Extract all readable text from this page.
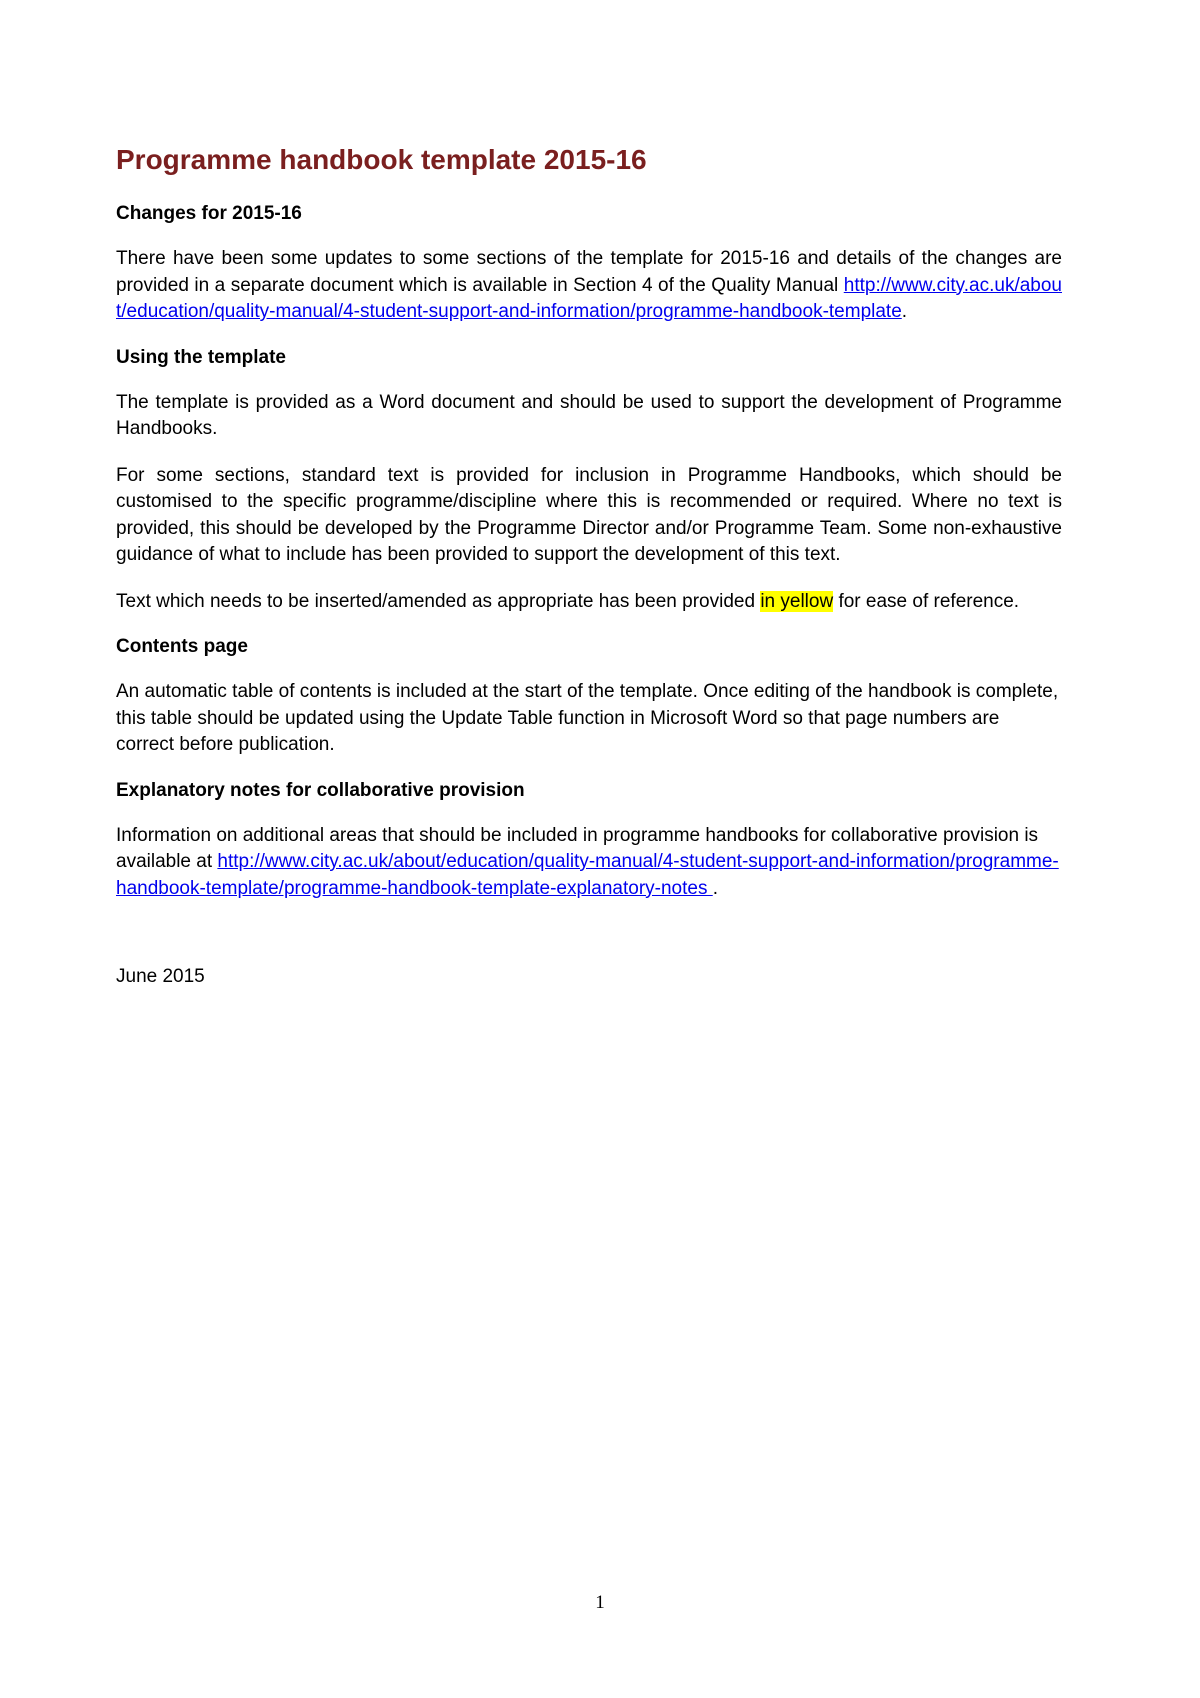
Programme handbook template 2015-16
Changes for 2015-16

There have been some updates to some sections of the template for 2015-16 and details of the changes are provided in a separate document which is available in Section 4 of the Quality Manual http://www.city.ac.uk/about/education/quality-manual/4-student-support-and-information/programme-handbook-template.

Using the template

The template is provided as a Word document and should be used to support the development of Programme Handbooks.

For some sections, standard text is provided for inclusion in Programme Handbooks, which should be customised to the specific programme/discipline where this is recommended or required. Where no text is provided, this should be developed by the Programme Director and/or Programme Team. Some non-exhaustive guidance of what to include has been provided to support the development of this text.

Text which needs to be inserted/amended as appropriate has been provided in yellow for ease of reference.

Contents page

An automatic table of contents is included at the start of the template. Once editing of the handbook is complete, this table should be updated using the Update Table function in Microsoft Word so that page numbers are correct before publication.

Explanatory notes for collaborative provision

Information on additional areas that should be included in programme handbooks for collaborative provision is available at http://www.city.ac.uk/about/education/quality-manual/4-student-support-and-information/programme-handbook-template/programme-handbook-template-explanatory-notes .

June 2015
1
